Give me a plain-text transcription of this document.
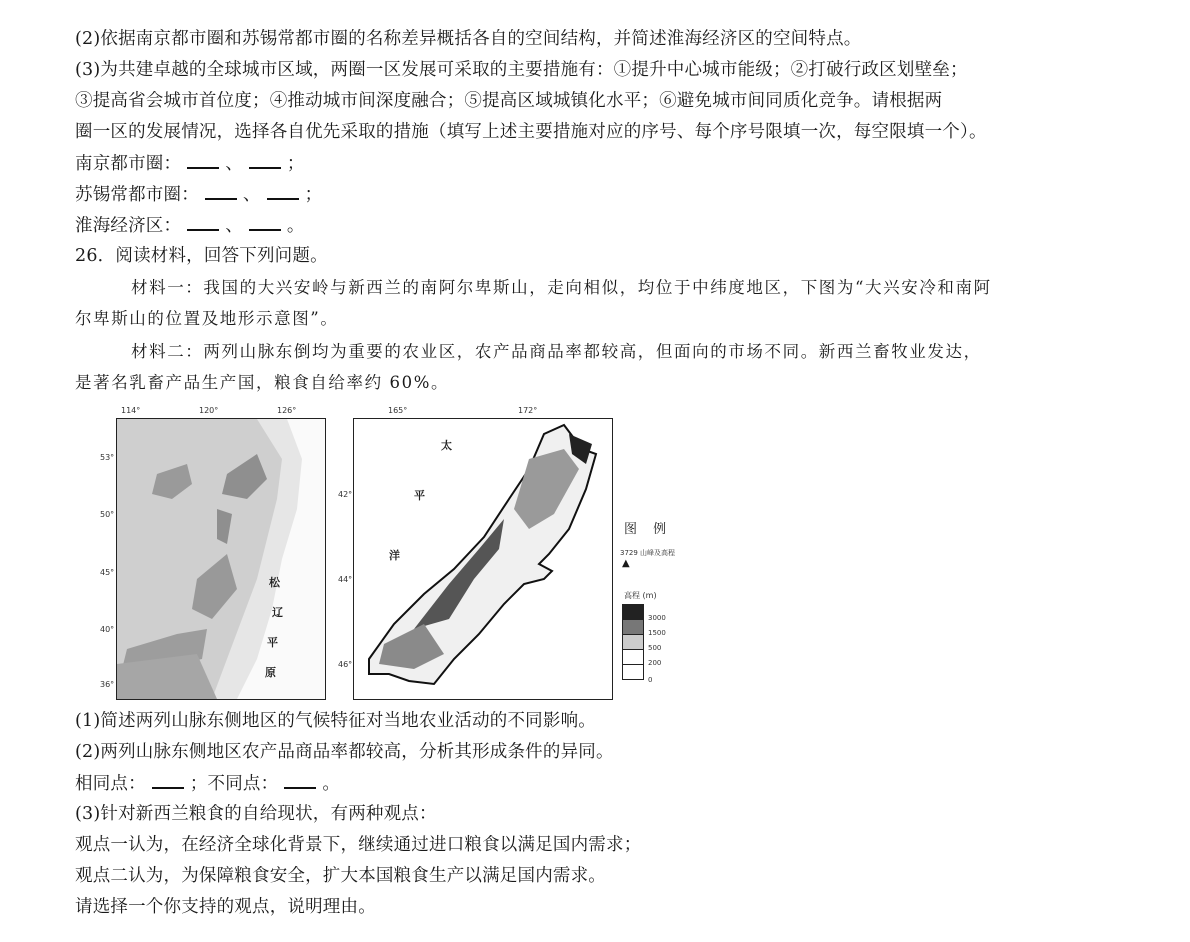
(2)依据南京都市圈和苏锡常都市圈的名称差异概括各自的空间结构，并简述淮海经济区的空间特点。
(3)为共建卓越的全球城市区域，两圈一区发展可采取的主要措施有：①提升中心城市能级；②打破行政区划壁垒；
③提高省会城市首位度；④推动城市间深度融合；⑤提高区域城镇化水平；⑥避免城市间同质化竞争。请根据两
圈一区的发展情况，选择各自优先采取的措施（填写上述主要措施对应的序号、每个序号限填一次，每空限填一个）。
南京都市圈：	、	；
苏锡常都市圈：	、	；
淮海经济区：	、	。
26．阅读材料，回答下列问题。
材料一：我国的大兴安岭与新西兰的南阿尔卑斯山，走向相似，均位于中纬度地区，下图为“大兴安冷和南阿
尔卑斯山的位置及地形示意图”。
材料二：两列山脉东倒均为重要的农业区，农产品商品率都较高，但面向的市场不同。新西兰畜牧业发达，
是著名乳畜产品生产国，粮食自给率约 60%。
114°	120°	126°
53°
50°
45°
40°
36°
松
辽
平
原
165°	172°
42°
44°
46°
太
平
洋
图 例
▲
3729 山峰及高程
高程 (m)
3000
1500
500
200
0
(1)简述两列山脉东侧地区的气候特征对当地农业活动的不同影响。
(2)两列山脉东侧地区农产品商品率都较高，分析其形成条件的异同。
相同点：	；不同点：	。
(3)针对新西兰粮食的自给现状，有两种观点：
观点一认为，在经济全球化背景下，继续通过进口粮食以满足国内需求；
观点二认为，为保障粮食安全，扩大本国粮食生产以满足国内需求。
请选择一个你支持的观点，说明理由。
